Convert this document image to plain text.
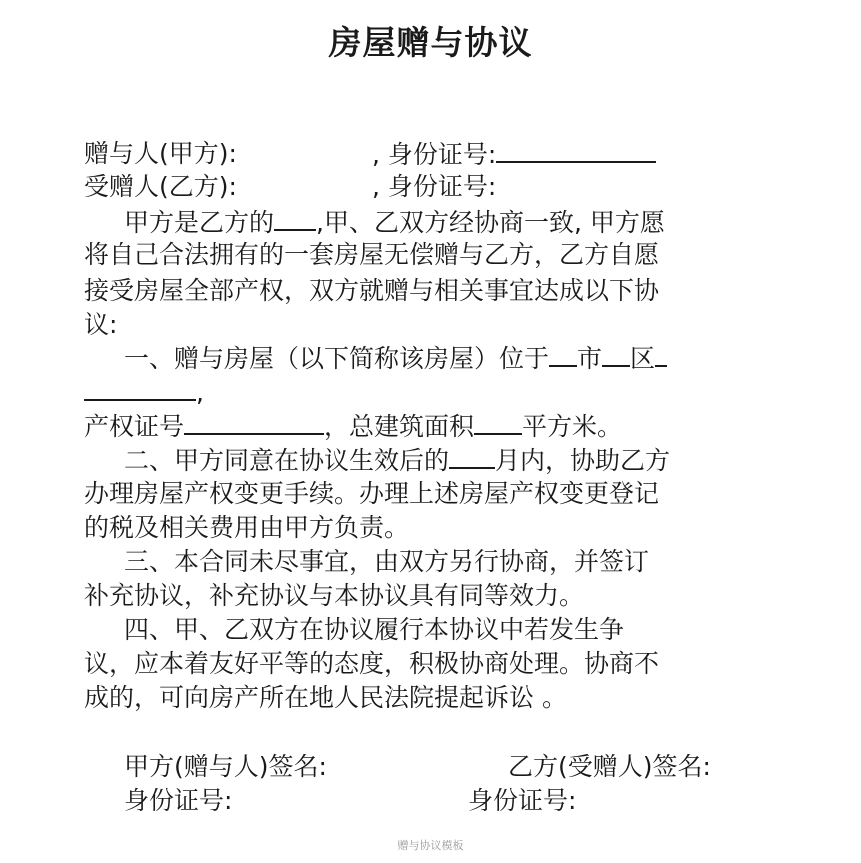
房屋赠与协议
赠与人(甲方):	, 身份证号:
受赠人(乙方):	, 身份证号:
甲方是乙方的 ,甲、乙双方经协商一致, 甲方愿
将自己合法拥有的一套房屋无偿赠与乙方，乙方自愿
接受房屋全部产权，双方就赠与相关事宜达成以下协
议:
一、赠与房屋（以下简称该房屋）位于 市 区
,
产权证号	，总建筑面积 平方米。
二、甲方同意在协议生效后的 月内，协助乙方
办理房屋产权变更手续。办理上述房屋产权变更登记
的税及相关费用由甲方负责。
三、本合同未尽事宜，由双方另行协商，并签订
补充协议，补充协议与本协议具有同等效力。
四、甲、乙双方在协议履行本协议中若发生争
议，应本着友好平等的态度，积极协商处理。协商不
成的，可向房产所在地人民法院提起诉讼 。
甲方(赠与人)签名:	乙方(受赠人)签名:
身份证号:	身份证号:
赠与协议模板
